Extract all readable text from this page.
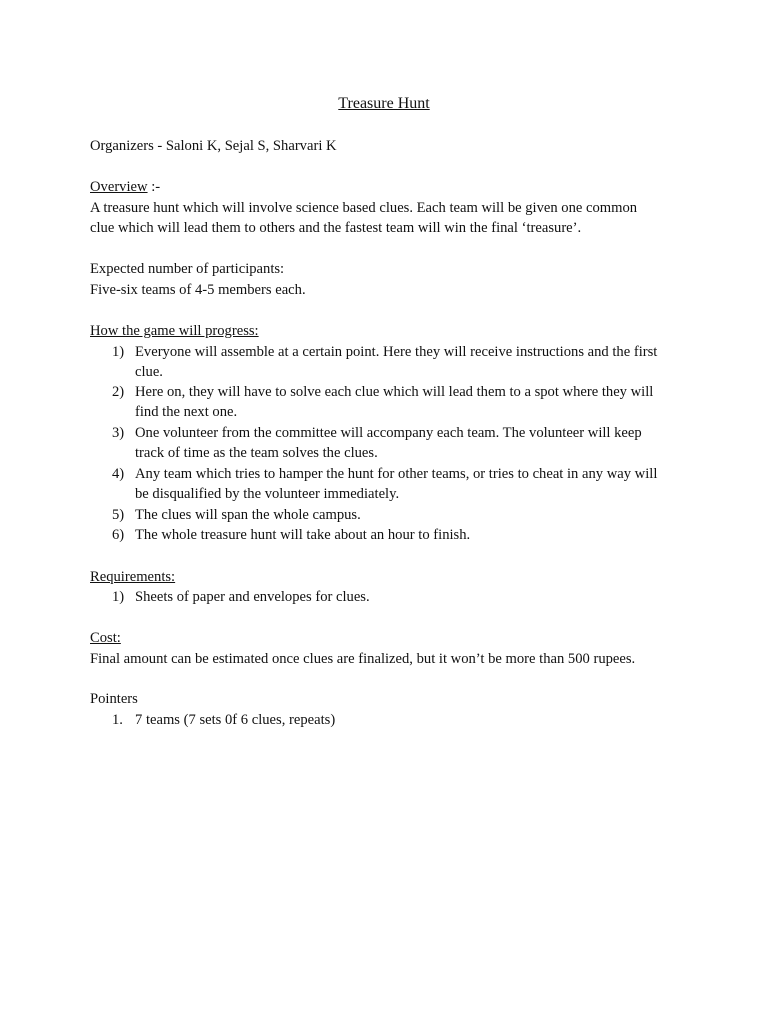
Treasure Hunt
Organizers - Saloni K, Sejal S, Sharvari K
Overview :-
A treasure hunt which will involve science based clues. Each team will be given one common
clue which will lead them to others and the fastest team will win the final ‘treasure’.
Expected number of participants:
Five-six teams of 4-5 members each.
How the game will progress:
1) Everyone will assemble at a certain point. Here they will receive instructions and the first
clue.
2) Here on, they will have to solve each clue which will lead them to a spot where they will
find the next one.
3) One volunteer from the committee will accompany each team. The volunteer will keep
track of time as the team solves the clues.
4) Any team which tries to hamper the hunt for other teams, or tries to cheat in any way will
be disqualified by the volunteer immediately.
5) The clues will span the whole campus.
6) The whole treasure hunt will take about an hour to finish.
Requirements:
1) Sheets of paper and envelopes for clues.
Cost:
Final amount can be estimated once clues are finalized, but it won’t be more than 500 rupees.
Pointers
1. 7 teams (7 sets 0f 6 clues, repeats)
